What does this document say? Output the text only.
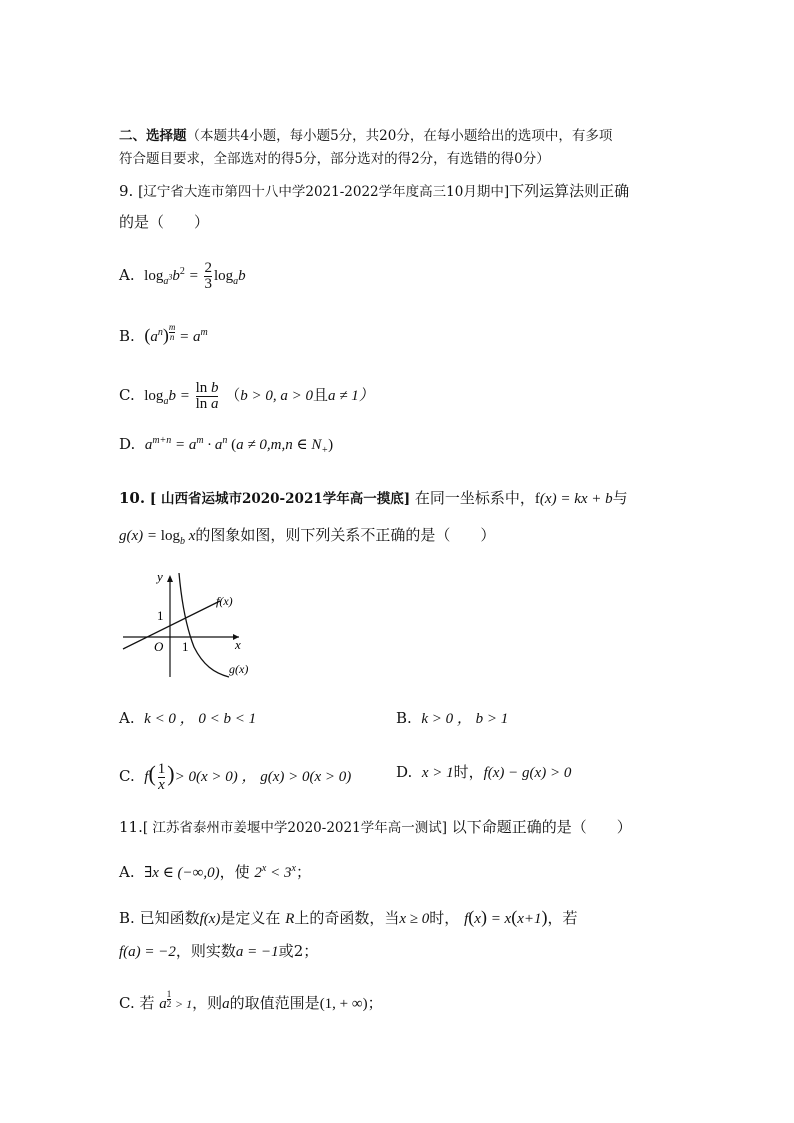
二、选择题（本题共4小题，每小题5分，共20分，在每小题给出的选项中，有多项
符合题目要求，全部选对的得5分，部分选对的得2分，有选错的得0分）
9. [辽宁省大连市第四十八中学2021-2022学年度高三10月期中]下列运算法则正确
的是（　　）
A. $\log_{a^3}b^2 = \frac{2}{3} \log_ab$
B. $(a^n) ^{\frac{m}{n}} = a^m$
C. $\log_ab = \frac{\text{ln b}}{\text{ln a}} (b > 0$, a > 0且a ≠ 1）
D. $a^{m+n} = a^m \cdot a^n$ (a ≠ 0,m,n ∈ $N_+$)
10. [ 山西省运城市2020-2021学年高一摸底] 在同一坐标系中，f(x) = kx + b与
$g(x) = \log_b x$的图象如图，则下列关系不正确的是（　　）
y
x
O 1
1
f(x)
g(x)
A. k < 0 ， 0 < b < 1	B. k > 0 ， b > 1
C. $f( \frac{1}{x}$ )> 0(x > 0) ， g(x) > 0(x > 0)	D. x > 1时，f(x) − g(x) > 0
11.[ 江苏省泰州市姜堰中学2020-2021学年高一测试] 以下命题正确的是（　　）
A. ∃x ∈ (−∞,0)，使 $2^x < 3^x$；
B. 已知函数f(x)是定义在 R上的奇函数，当x ≥ 0时， f(x) = x(x+1)，若
f(a) = −2，则实数a = −1或2；
C. 若 a $^{\frac{1}{2}}$ > 1，则a的取值范围是(1, + ∞)；
